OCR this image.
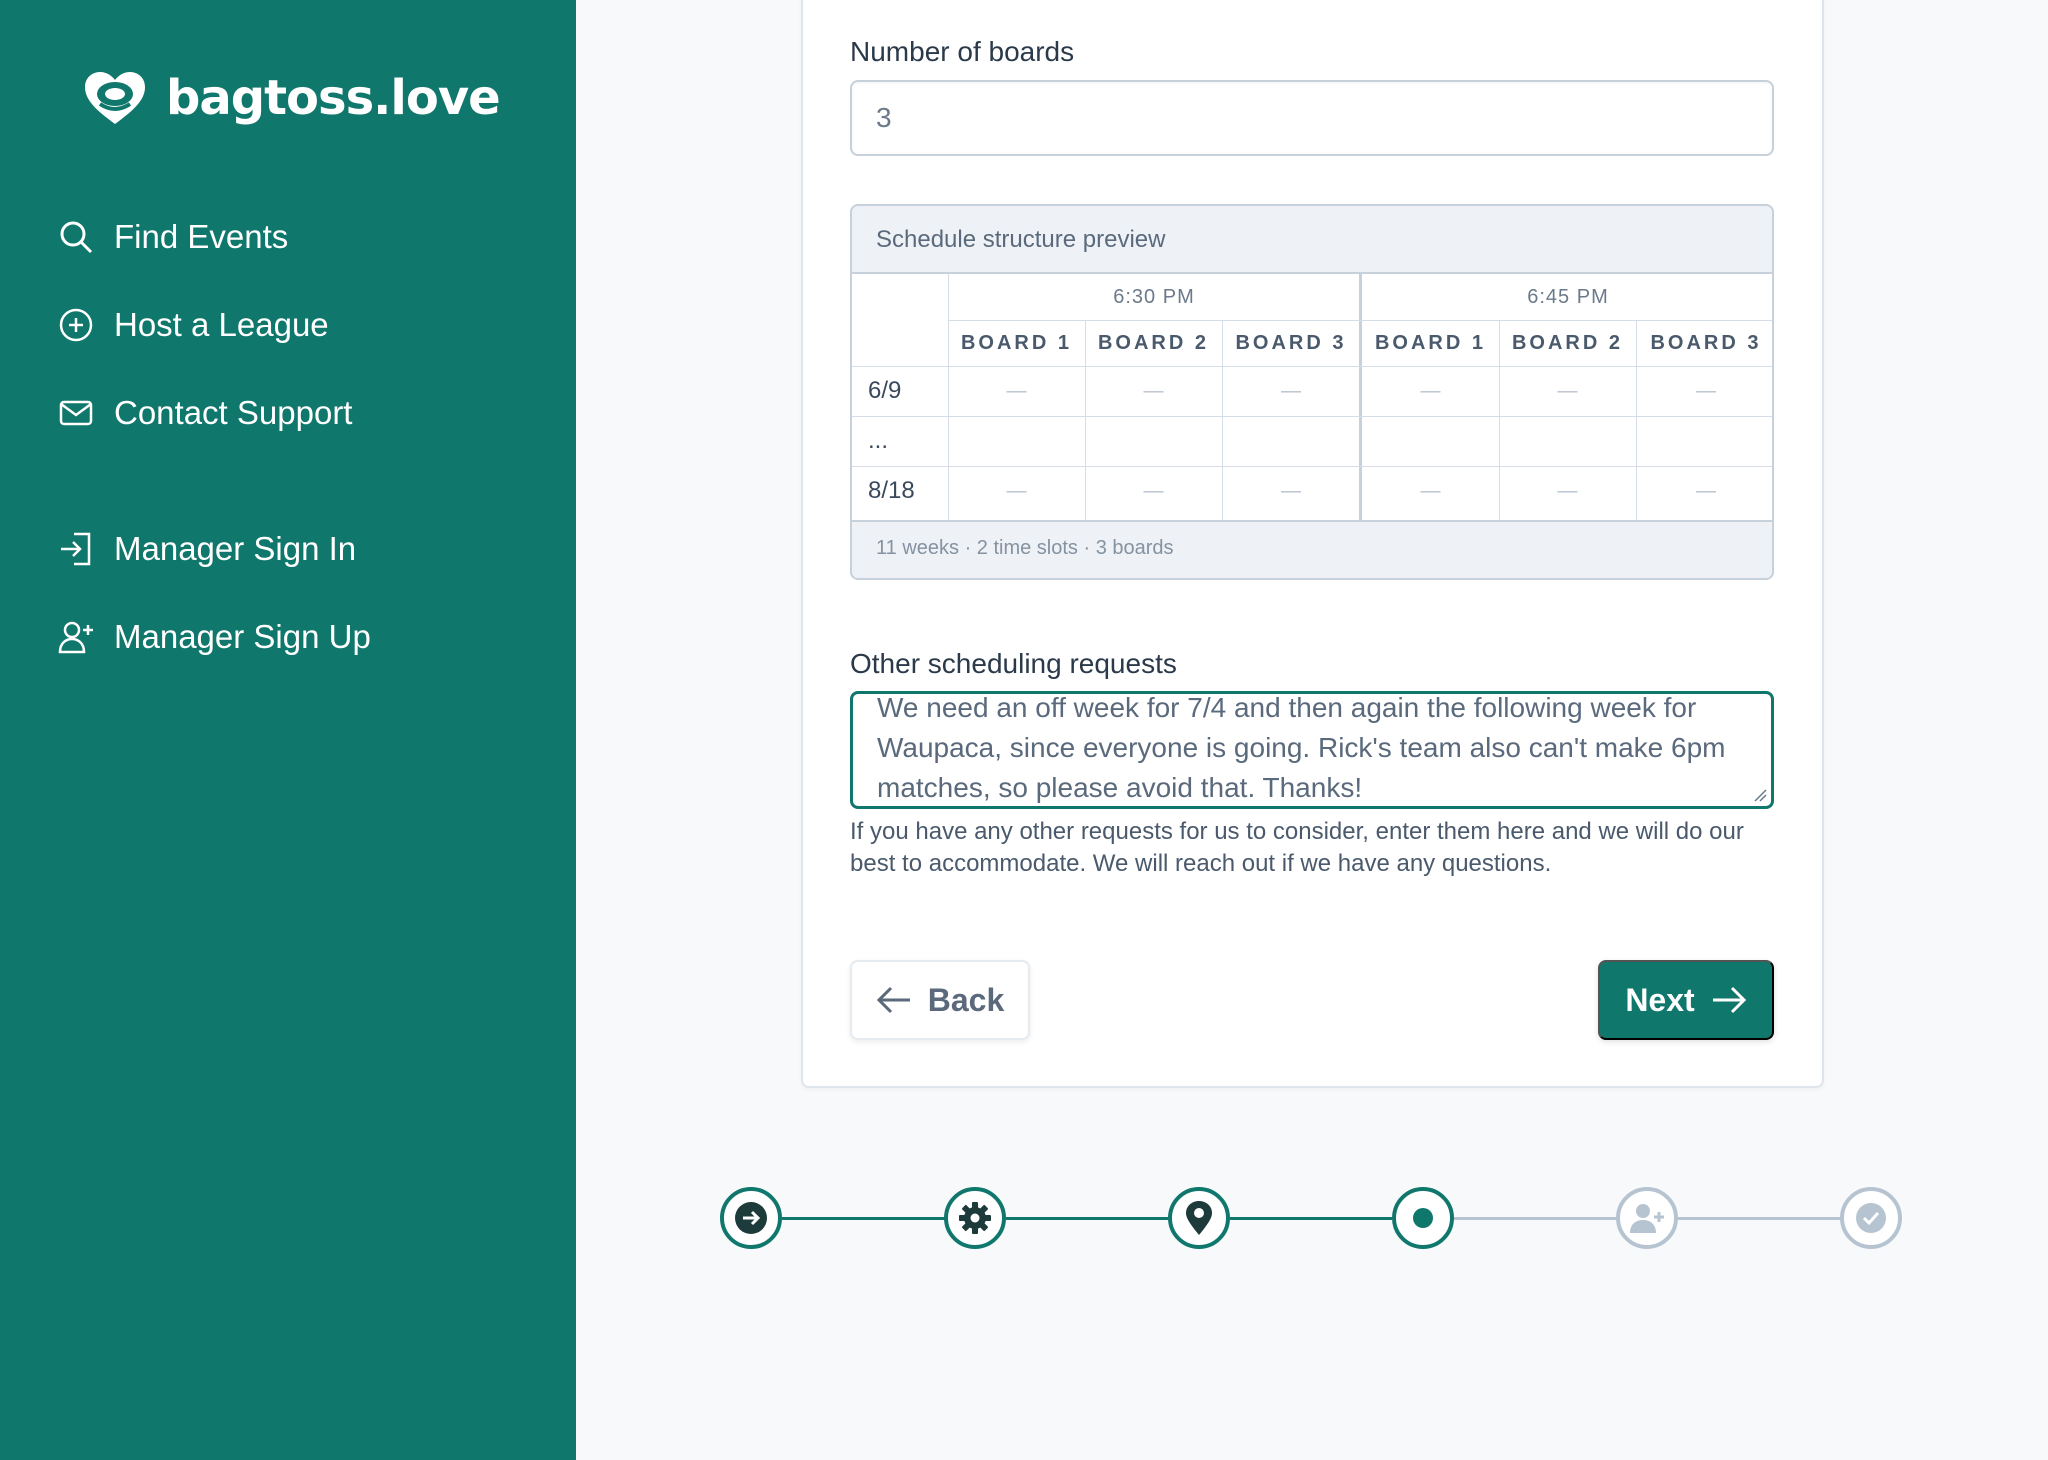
bagtoss.love
Find Events
Host a League
Contact Support
Manager Sign In
Manager Sign Up
Number of boards
3
Schedule structure preview
6:30 PM	6:45 PM
BOARD 1	BOARD 2	BOARD 3	BOARD 1	BOARD 2	BOARD 3
6/9	—	—	—	—	—	—
...
8/18	—	—	—	—	—	—
11 weeks · 2 time slots · 3 boards
Other scheduling requests
We need an off week for 7/4 and then again the following week for Waupaca, since everyone is going. Rick's team also can't make 6pm matches, so please avoid that. Thanks!

If you have any other requests for us to consider, enter them here and we will do our best to accommodate. We will reach out if we have any questions.

Back	Next
